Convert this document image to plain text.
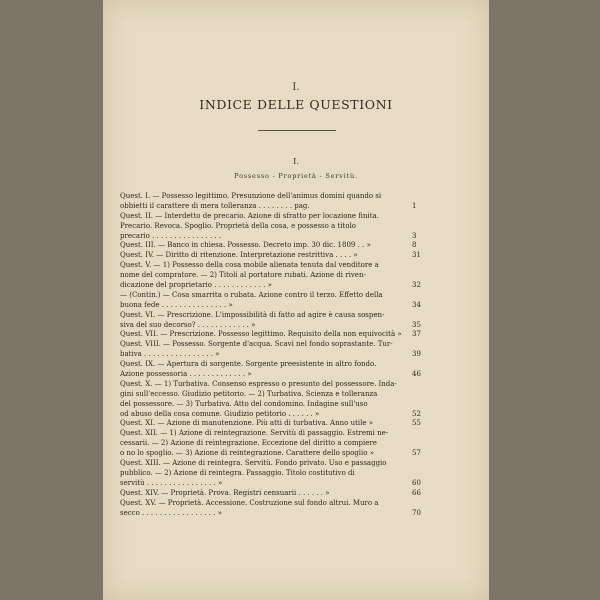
I.
INDICE DELLE QUESTIONI
I.
Possesso - Proprietà - Servitù.
Quest. I. — Possesso legittimo. Presunzione dell'animus domini quando si
obbietti il carattere di mera tolleranza . . . . . . . . pag.	1
Quest. II. — Interdetto de precario. Azione di sfratto per locazione finita.
Precario. Revoca. Spoglio. Proprietà della cosa, e possesso a titolo
precario . . . . . . . . . . . . . . . .	3
Quest. III. — Banco in chiesa. Possesso. Decreto imp. 30 dic. 1809 . . »	8
Quest. IV. — Diritto di ritenzione. Interpretazione restrittiva . . . . »	31
Quest. V. — 1) Possesso della cosa mobile alienata tenuta dal venditore a
nome del compratore. — 2) Titoli al portatore rubati. Azione di riven-
dicazione del proprietario . . . . . . . . . . . . »	32
— (Contin.) — Cosa smarrita o rubata. Azione contro il terzo. Effetto della
buona fede . . . . . . . . . . . . . . . »	34
Quest. VI. — Prescrizione. L'impossibilità di fatto ad agire è causa sospen-
siva del suo decorso? . . . . . . . . . . . . »	35
Quest. VII. — Prescrizione. Possesso legittimo. Requisito della non equivocità » 37
Quest. VIII. — Possesso. Sorgente d'acqua. Scavi nel fondo soprastante. Tur-
bativa . . . . . . . . . . . . . . . . »	39
Quest. IX. — Apertura di sorgente. Sorgente preesistente in altro fondo.
Azione possessoria . . . . . . . . . . . . . »	46
Quest. X. — 1) Turbativa. Consenso espresso o presunto del possessore. Inda-
gini sull'eccesso. Giudizio petitorio. — 2) Turbativa. Scienza e tolleranza
del possessore. — 3) Turbativa. Atto del condomino. Indagine sull'uso
od abuso della cosa comune. Giudizio petitorio . . . . . . »	52
Quest. XI. — Azione di manutenzione. Più atti di turbativa. Anno utile »	55
Quest. XII. — 1) Azione di reintegrazione. Servitù di passaggio. Estremi ne-
cessarii. — 2) Azione di reintegrazione. Eccezione del diritto a compiere
o no lo spoglio. — 3) Azione di reintegrazione. Carattere dello spoglio »	57
Quest. XIII. — Azione di reintegra. Servitù. Fondo privato. Uso e passaggio
pubblico. — 2) Azione di reintegra. Passaggio. Titolo costitutivo di
servitù . . . . . . . . . . . . . . . . »	60
Quest. XIV. — Proprietà. Prova. Registri censuarii . . . . . . »	66
Quest. XV. — Proprietà. Accessione. Costruzione sul fondo altrui. Muro a
secco . . . . . . . . . . . . . . . . . »	70
